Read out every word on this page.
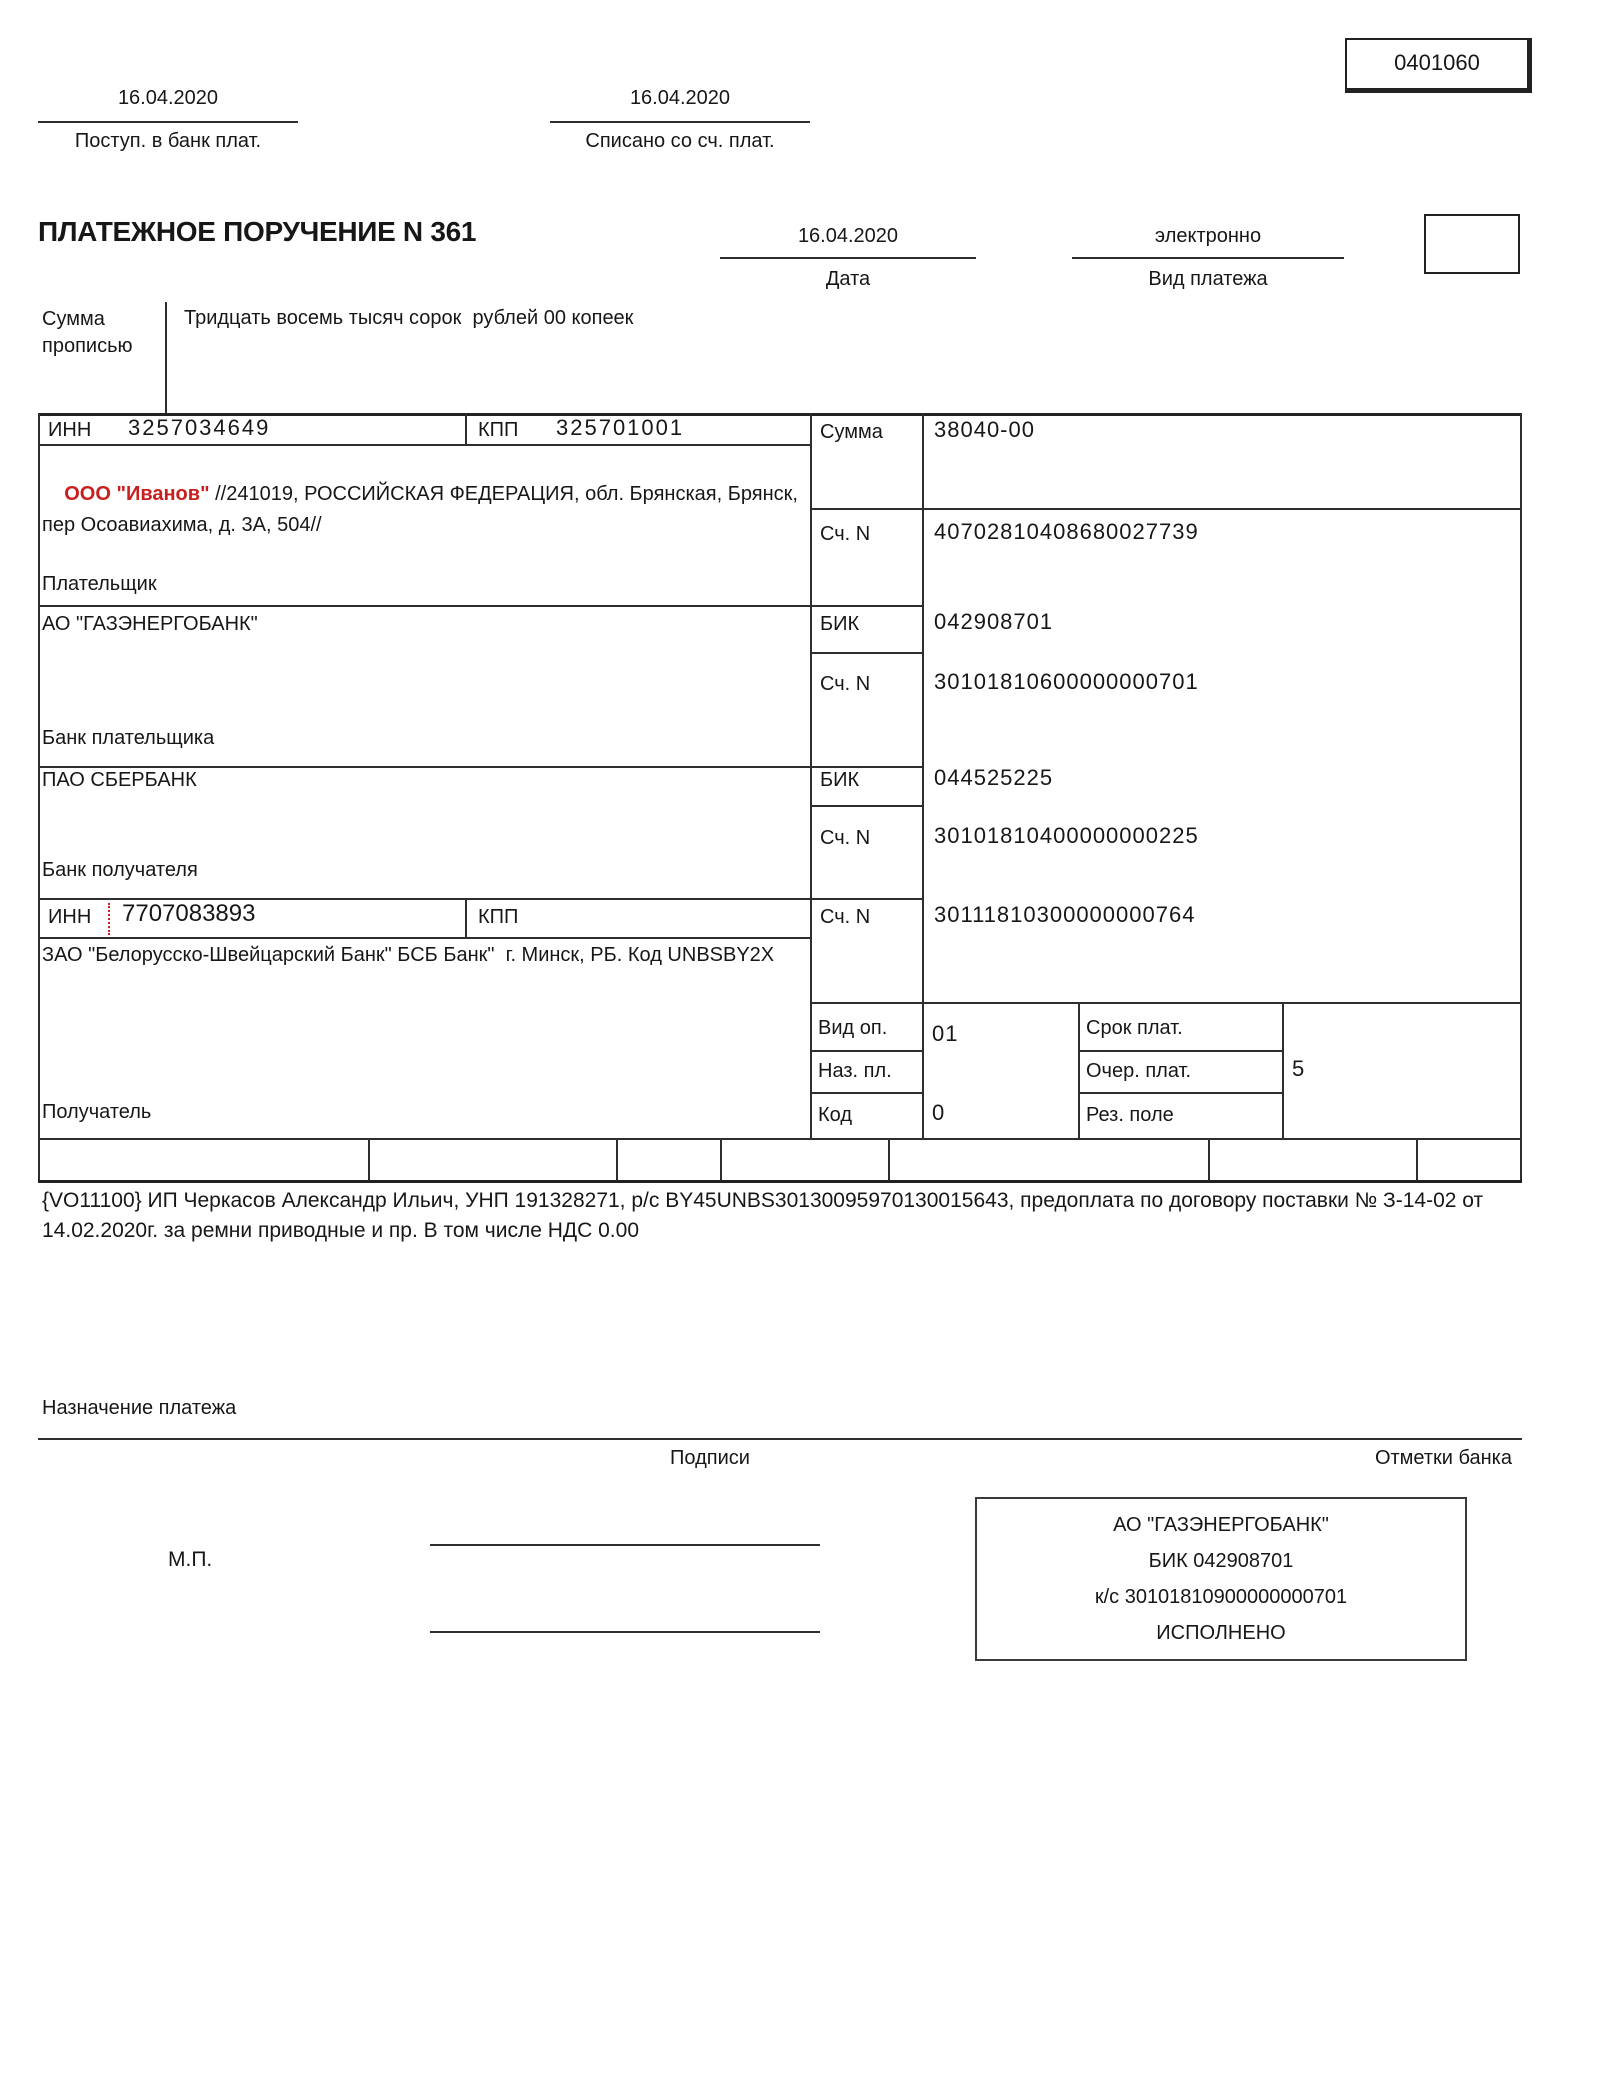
0401060
16.04.2020
Поступ. в банк плат.
16.04.2020
Списано со сч. плат.
ПЛАТЕЖНОЕ ПОРУЧЕНИЕ N 361	16.04.2020
Дата
электронно
Вид платежа
Сумма прописью
Тридцать восемь тысяч сорок  рублей 00 копеек
ИНН 3257034649	КПП 325701001	Сумма 38040-00

ООО "Иванов" //241019, РОССИЙСКАЯ ФЕДЕРАЦИЯ, обл. Брянская, Брянск, пер Осоавиахима, д. 3А, 504//
	Сч. N	40702810408680027739
Плательщик
АО "ГАЗЭНЕРГОБАНК"	БИК	042908701
Сч. N	30101810600000000701
Банк плательщика
ПАО СБЕРБАНК	БИК	044525225
Сч. N	30101810400000000225
Банк получателя
ИНН 7707083893	КПП	Сч. N	30111810300000000764
ЗАО "Белорусско-Швейцарский Банк" БСБ Банк"  г. Минск, РБ. Код UNBSBY2X
Получатель
Вид оп. 01	Срок плат.
Наз. пл.	Очер. плат.	5
Код	0	Рез. поле
{VO11100} ИП Черкасов Александр Ильич, УНП 191328271, р/с BY45UNBS30130095970130015643, предоплата по договору поставки № З-14-02 от 14.02.2020г. за ремни приводные и пр. В том числе НДС 0.00
Назначение платежа
Подписи	Отметки банка
М.П.
АО "ГАЗЭНЕРГОБАНК"
БИК 042908701
к/с 30101810900000000701
ИСПОЛНЕНО
